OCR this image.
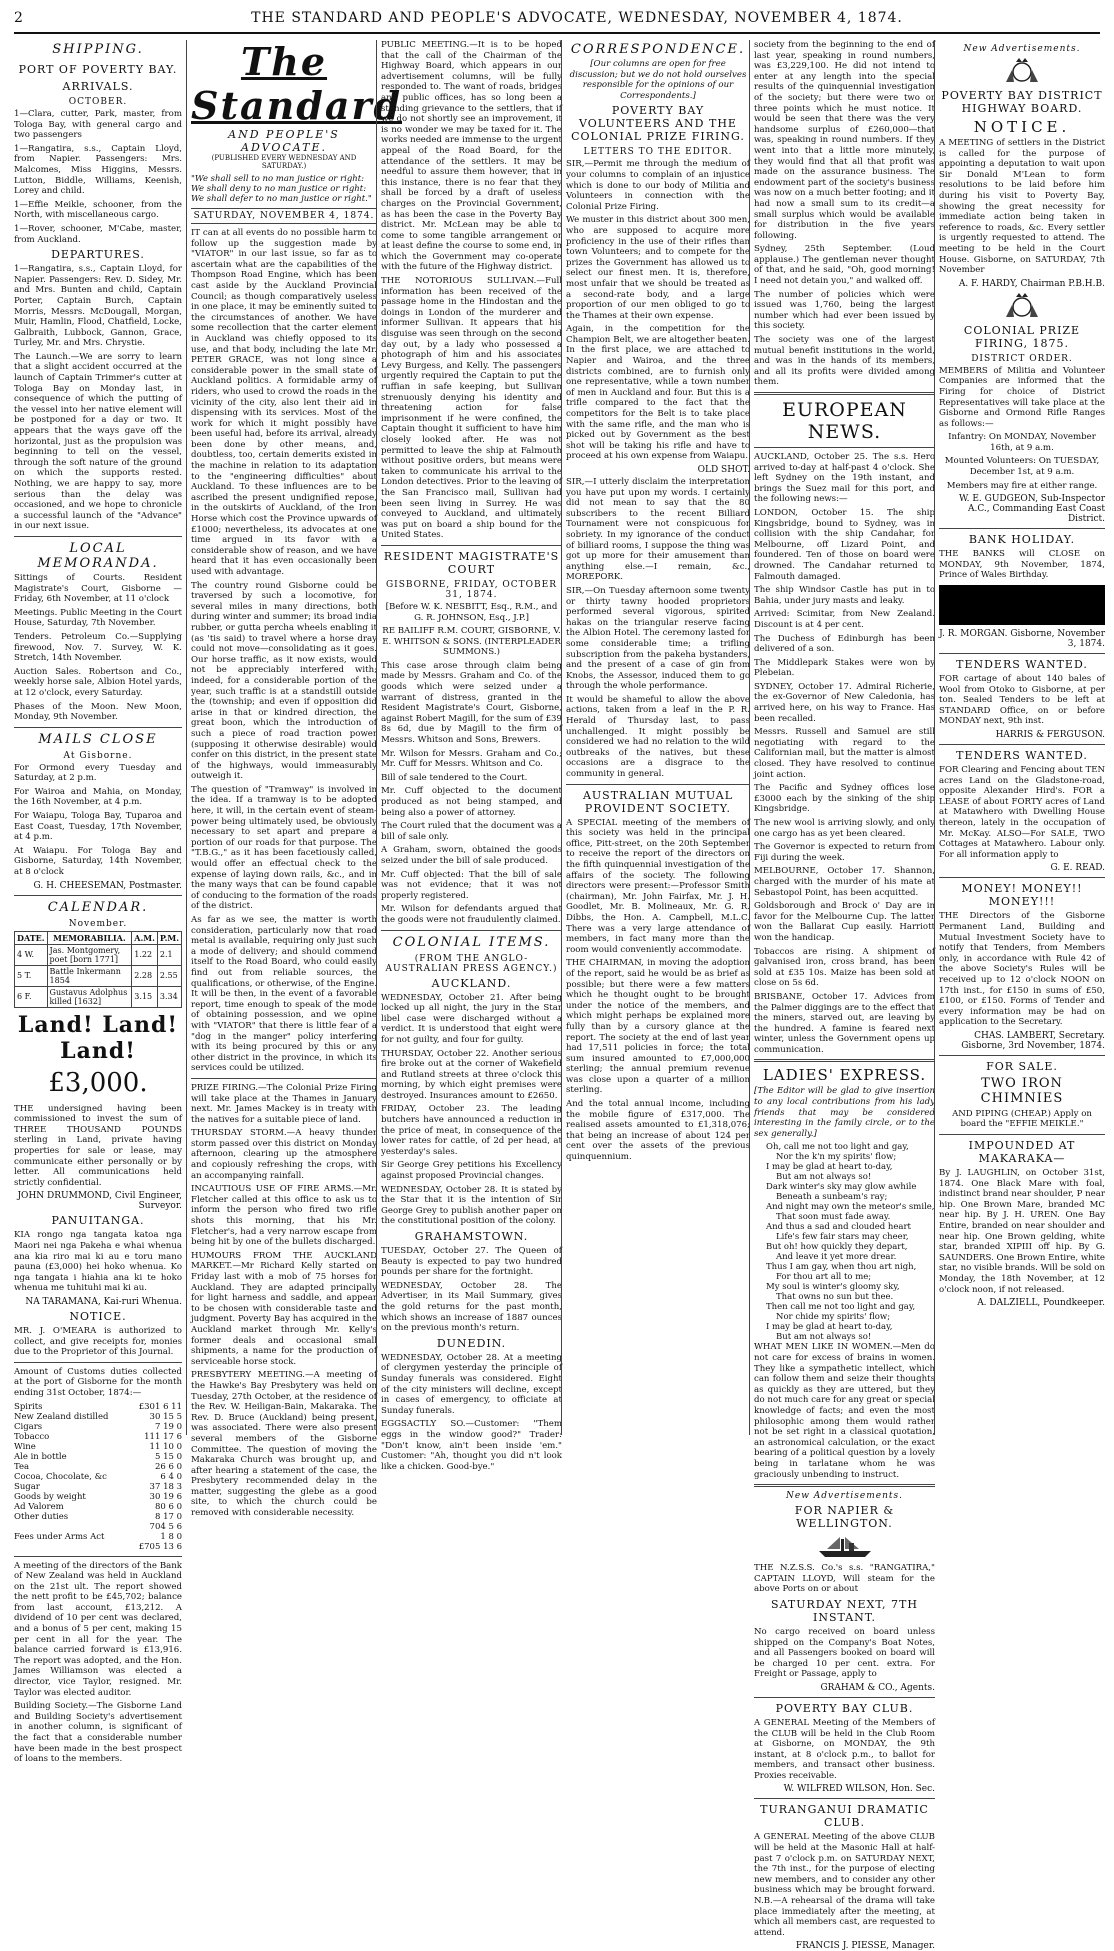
2	THE STANDARD AND PEOPLE'S ADVOCATE, WEDNESDAY, NOVEMBER 4, 1874.
SHIPPING.
PORT OF POVERTY BAY.
ARRIVALS.
OCTOBER.

1—Clara, cutter, Park, master, from Tologa Bay, with general cargo and two passengers

1—Rangatira, s.s., Captain Lloyd, from Napier. Passengers: Mrs. Malcomes, Miss Higgins, Messrs. Lutton, Biddle, Williams, Keenish, Lorey and child.

1—Effie Meikle, schooner, from the North, with miscellaneous cargo.

1—Rover, schooner, M'Cabe, master, from Auckland.

DEPARTURES.

1—Rangatira, s.s., Captain Lloyd, for Napier. Passengers: Rev. D. Sidey, Mr. and Mrs. Bunten and child, Captain Porter, Captain Burch, Captain Morris, Messrs. McDougall, Morgan, Muir, Hamlin, Flood, Chatfield, Locke, Galbraith, Lubbock, Gannon, Grace, Turley, Mr. and Mrs. Chrystie.

The Launch.—We are sorry to learn that a slight accident occurred at the launch of Captain Trimmer's cutter at Tologa Bay on Monday last, in consequence of which the putting of the vessel into her native element will be postponed for a day or two. It appears that the ways gave off the horizontal, just as the propulsion was beginning to tell on the vessel, through the soft nature of the ground on which the supports rested. Nothing, we are happy to say, more serious than the delay was occasioned, and we hope to chronicle a successful launch of the "Advance" in our next issue.

LOCAL MEMORANDA.

Sittings of Courts. Resident Magistrate's Court, Gisborne — Friday, 6th November, at 11 o'clock

Meetings. Public Meeting in the Court House, Saturday, 7th November.

Tenders. Petroleum Co.—Supplying firewood, Nov. 7. Survey, W. K. Stretch, 14th November.

Auction Sales. Robertson and Co., weekly horse sale, Albion Hotel yards, at 12 o'clock, every Saturday.

Phases of the Moon. New Moon, Monday, 9th November.

MAILS CLOSE
At Gisborne.

For Ormond every Tuesday and Saturday, at 2 p.m.

For Wairoa and Mahia, on Monday, the 16th November, at 4 p.m.

For Waiapu, Tologa Bay, Tuparoa and East Coast, Tuesday, 17th November, at 4 p.m.

At Waiapu. For Tologa Bay and Gisborne, Saturday, 14th November, at 8 o'clock

G. H. CHEESEMAN, Postmaster.
CALENDAR.
November.
DATE.	MEMORABILIA.	A.M.	P.M.
4 W.	Jas. Montgomery, poet [born 1771]	1.22	2.1
5 T.	Battle Inkermann 1854	2.28	2.55
6 F.	Gustavus Adolphus killed [1632]	3.15	3.34
Land! Land! Land!
£3,000.

THE undersigned having been commissioned to invest the sum of THREE THOUSAND POUNDS sterling in Land, private having properties for sale or lease, may communicate either personally or by letter. All communications held strictly confidential.

JOHN DRUMMOND, Civil Engineer, Surveyor.
PANUITANGA.

KIA rongo nga tangata katoa nga Maori nei nga Pakeha e whai whenua ana kia riro mai ki au e toru mano pauna (£3,000) hei hoko whenua. Ko nga tangata i hiahia ana ki te hoko whenua me tuhituhi mai ki au.

NA TARAMANA, Kai-ruri Whenua.
NOTICE.

MR. J. O'MEARA is authorized to collect, and give receipts for, monies due to the Proprietor of this Journal.

Amount of Customs duties collected at the port of Gisborne for the month ending 31st October, 1874:—

Spirits	£301 6 11
New Zealand distilled	30 15 5
Cigars	7 19 0
Tobacco	111 17 6
Wine	11 10 0
Ale in bottle	5 15 0
Tea	26 6 0
Cocoa, Chocolate, &c	6 4 0
Sugar	37 18 3
Goods by weight	30 19 6
Ad Valorem	80 6 0
Other duties	8 17 0
704 5 6
Fees under Arms Act	1 8 0
£705 13 6

A meeting of the directors of the Bank of New Zealand was held in Auckland on the 21st ult. The report showed the nett profit to be £45,702; balance from last account, £13,212. A dividend of 10 per cent was declared, and a bonus of 5 per cent, making 15 per cent in all for the year. The balance carried forward is £13,916. The report was adopted, and the Hon. James Williamson was elected a director, vice Taylor, resigned. Mr. Taylor was elected auditor.

Building Society.—The Gisborne Land and Building Society's advertisement in another column, is significant of the fact that a considerable number have been made in the best prospect of loans to the members.

The Standard
AND PEOPLE'S ADVOCATE.
(PUBLISHED EVERY WEDNESDAY AND SATURDAY.)
"We shall sell to no man justice or right: We shall deny to no man justice or right: We shall defer to no man justice or right."
SATURDAY, NOVEMBER 4, 1874.

IT can at all events do no possible harm to follow up the suggestion made by "VIATOR" in our last issue, so far as to ascertain what are the capabilities of the Thompson Road Engine, which has been cast aside by the Auckland Provincial Council; as though comparatively useless in one place, it may be eminently suited to the circumstances of another. We have some recollection that the carter element in Auckland was chiefly opposed to its use, and that body, including the late Mr. PETER GRACE, was not long since a considerable power in the small state of Auckland politics. A formidable army of riders, who used to crowd the roads in the vicinity of the city, also lent their aid in dispensing with its services. Most of the work for which it might possibly have been useful had, before its arrival, already been done by other means, and, doubtless, too, certain demerits existed in the machine in relation to its adaptation to the "engineering difficulties" about Auckland. To these influences are to be ascribed the present undignified repose, in the outskirts of Auckland, of the Iron Horse which cost the Province upwards of £1000; nevertheless, its advocates at one time argued in its favor with a considerable show of reason, and we have heard that it has even occasionally been used with advantage.

The country round Gisborne could be traversed by such a locomotive, for several miles in many directions, both during winter and summer; its broad india rubber, or gutta percha wheels enabling it (as 'tis said) to travel where a horse dray could not move—consolidating as it goes. Our horse traffic, as it now exists, would not be appreciably interfered with; indeed, for a considerable portion of the year, such traffic is at a standstill outside the (township; and even if opposition did arise in that or kindred direction, the great boon, which the introduction of such a piece of road traction power (supposing it otherwise desirable) would confer on this district, in the present state of the highways, would immeasurably outweigh it.

The question of "Tramway" is involved in the idea. If a tramway is to be adopted here, it will, in the certain event of steam-power being ultimately used, be obviously necessary to set apart and prepare a portion of our roads for that purpose. The "T.B.G.," as it has been facetiously called, would offer an effectual check to the expense of laying down rails, &c., and in the many ways that can be found capable of conducing to the formation of the roads of the district.

As far as we see, the matter is worth consideration, particularly now that road metal is available, requiring only just such a mode of delivery; and should commend itself to the Road Board, who could easily find out from reliable sources, the qualifications, or otherwise, of the Engine. It will be then, in the event of a favorable report, time enough to speak of the mode of obtaining possession, and we opine with "VIATOR" that there is little fear of a "dog in the manger" policy interfering with its being procured by this or any other district in the province, in which its services could be utilized.

PRIZE FIRING.—The Colonial Prize Firing will take place at the Thames in January next. Mr. James Mackey is in treaty with the natives for a suitable piece of land.

THURSDAY STORM.—A heavy thunder storm passed over this district on Monday afternoon, clearing up the atmosphere and copiously refreshing the crops, with an accompanying rainfall.

INCAUTIOUS USE OF FIRE ARMS.—Mr. Fletcher called at this office to ask us to inform the person who fired two rifle shots this morning, that his Mr. Fletcher's, had a very narrow escape from being hit by one of the bullets discharged.

HUMOURS FROM THE AUCKLAND MARKET.—Mr Richard Kelly started on Friday last with a mob of 75 horses for Auckland. They are adapted principally for light harness and saddle, and appear to be chosen with considerable taste and judgment. Poverty Bay has acquired in the Auckland market through Mr. Kelly's former deals and occasional small shipments, a name for the production of serviceable horse stock.

PRESBYTERY MEETING.—A meeting of the Hawke's Bay Presbytery was held on Tuesday, 27th October, at the residence of the Rev. W. Heiligan-Bain, Makaraka. The Rev. D. Bruce (Auckland) being present, was associated. There were also present several members of the Gisborne Committee. The question of moving the Makaraka Church was brought up, and after hearing a statement of the case, the Presbytery recommended delay in the matter, suggesting the glebe as a good site, to which the church could be removed with considerable necessity.

PUBLIC MEETING.—It is to be hoped that the call of the Chairman of the Highway Board, which appears in our advertisement columns, will be fully responded to. The want of roads, bridges and public offices, has so long been a standing grievance to the settlers, that if we do not shortly see an improvement, it is no wonder we may be taxed for it. The works needed are immense to the urgent appeal of the Road Board, for the attendance of the settlers. It may be needful to assure them however, that in this instance, there is no fear that they shall be forced by a draft of useless charges on the Provincial Government, as has been the case in the Poverty Bay district. Mr. McLean may be able to come to some tangible arrangement or at least define the course to some end, in which the Government may co-operate with the future of the Highway district.

THE NOTORIOUS SULLIVAN.—Full information has been received of the passage home in the Hindostan and the doings in London of the murderer and informer Sullivan. It appears that his disguise was seen through on the second day out, by a lady who possessed a photograph of him and his associates Levy Burgess, and Kelly. The passengers urgently required the Captain to put the ruffian in safe keeping, but Sullivan strenuously denying his identity and threatening action for false imprisonment if he were confined, the Captain thought it sufficient to have him closely looked after. He was not permitted to leave the ship at Falmouth without positive orders, but means were taken to communicate his arrival to the London detectives. Prior to the leaving of the San Francisco mail, Sullivan had been seen living in Surrey. He was conveyed to Auckland, and ultimately was put on board a ship bound for the United States.

RESIDENT MAGISTRATE'S COURT
GISBORNE, FRIDAY, OCTOBER 31, 1874.

[Before W. K. NESBITT, Esq., R.M., and G. R. JOHNSON, Esq., J.P.]

RE BAILIFF R.M. COURT, GISBORNE, V. E. WHITSON & SONS. (INTERPLEADER SUMMONS.)

This case arose through claim being made by Messrs. Graham and Co. of the goods which were seized under a warrant of distress, granted in the Resident Magistrate's Court, Gisborne, against Robert Magill, for the sum of £39 8s 6d, due by Magill to the firm of Messrs. Whitson and Sons, Brewers.

Mr. Wilson for Messrs. Graham and Co.; Mr. Cuff for Messrs. Whitson and Co.

Bill of sale tendered to the Court.

Mr. Cuff objected to the document produced as not being stamped, and being also a power of attorney.

The Court ruled that the document was a bill of sale only.

A Graham, sworn, obtained the goods seized under the bill of sale produced.

Mr. Cuff objected: That the bill of sale was not evidence; that it was not properly registered.

Mr. Wilson for defendants argued that the goods were not fraudulently claimed.

COLONIAL ITEMS.
(FROM THE ANGLO-AUSTRALIAN PRESS AGENCY.)
AUCKLAND.

WEDNESDAY, October 21. After being locked up all night, the jury in the Star libel case were discharged without a verdict. It is understood that eight were for not guilty, and four for guilty.

THURSDAY, October 22. Another serious fire broke out at the corner of Wakefield and Rutland streets at three o'clock this morning, by which eight premises were destroyed. Insurances amount to £2650.

FRIDAY, October 23. The leading butchers have announced a reduction in the price of meat, in consequence of the lower rates for cattle, of 2d per head, at yesterday's sales.

Sir George Grey petitions his Excellency against proposed Provincial changes.

WEDNESDAY, October 28. It is stated by the Star that it is the intention of Sir George Grey to publish another paper on the constitutional position of the colony.

GRAHAMSTOWN.

TUESDAY, October 27. The Queen of Beauty is expected to pay two hundred pounds per share for the fortnight.

WEDNESDAY, October 28. The Advertiser, in its Mail Summary, gives the gold returns for the past month, which shows an increase of 1887 ounces on the previous month's return.

DUNEDIN.

WEDNESDAY, October 28. At a meeting of clergymen yesterday the principle of Sunday funerals was considered. Eight of the city ministers will decline, except in cases of emergency, to officiate at Sunday funerals.

EGGSACTLY SO.—Customer: "Them eggs in the window good?" Trader: "Don't know, ain't been inside 'em." Customer: "Ah, thought you did n't look like a chicken. Good-bye."

CORRESPONDENCE.

[Our columns are open for free discussion; but we do not hold ourselves responsible for the opinions of our Correspondents.]

POVERTY BAY VOLUNTEERS AND THE COLONIAL PRIZE FIRING.
LETTERS TO THE EDITOR.

SIR,—Permit me through the medium of your columns to complain of an injustice which is done to our body of Militia and Volunteers in connection with the Colonial Prize Firing.

We muster in this district about 300 men, who are supposed to acquire more proficiency in the use of their rifles than town Volunteers; and to compete for the prizes the Government has allowed us to select our finest men. It is, therefore, most unfair that we should be treated as a second-rate body, and a large proportion of our men obliged to go to the Thames at their own expense.

Again, in the competition for the Champion Belt, we are altogether beaten. In the first place, we are attached to Napier and Wairoa, and the three districts combined, are to furnish only one representative, while a town number of men in Auckland and four. But this is a trifle compared to the fact that the competitors for the Belt is to take place with the same rifle, and the man who is picked out by Government as the best shot will be taking his rifle and have to proceed at his own expense from Waiapu.

OLD SHOT.

SIR,—I utterly disclaim the interpretation you have put upon my words. I certainly did not mean to say that the 80 subscribers to the recent Billiard Tournament were not conspicuous for sobriety. In my ignorance of the conduct of billiard rooms, I suppose the thing was got up more for their amusement than anything else.—I remain, &c., MOREPORK.

SIR,—On Tuesday afternoon some twenty or thirty tawny hooded proprietors performed several vigorous, spirited hakas on the triangular reserve facing the Albion Hotel. The ceremony lasted for some considerable time; a trifling subscription from the pakeha bystanders, and the present of a case of gin from Knobs, the Assessor, induced them to go through the whole performance.

It would be shameful to allow the above actions, taken from a leaf in the P. R. Herald of Thursday last, to pass unchallenged. It might possibly be considered we had no relation to the wild outbreaks of the natives, but these occasions are a disgrace to the community in general.

AUSTRALIAN MUTUAL PROVIDENT SOCIETY.

A SPECIAL meeting of the members of this society was held in the principal office, Pitt-street, on the 20th September to receive the report of the directors on the fifth quinquennial investigation of the affairs of the society. The following directors were present:—Professor Smith (chairman), Mr. John Fairfax, Mr. J. H. Goodlet, Mr. B. Molineaux, Mr. G. R. Dibbs, the Hon. A. Campbell, M.L.C. There was a very large attendance of members, in fact many more than the room would conveniently accommodate.

THE CHAIRMAN, in moving the adoption of the report, said he would be as brief as possible; but there were a few matters which he thought ought to be brought under the notice of the members, and which might perhaps be explained more fully than by a cursory glance at the report. The society at the end of last year had 17,511 policies in force; the total sum insured amounted to £7,000,000 sterling; the annual premium revenue was close upon a quarter of a million sterling.

And the total annual income, including the mobile figure of £317,000. The realised assets amounted to £1,318,076; that being an increase of about 124 per cent over the assets of the previous quinquennium.

society from the beginning to the end of last year, speaking in round numbers, was £3,229,100. He did not intend to enter at any length into the special results of the quinquennial investigation of the society; but there were two or three points which he must notice. It would be seen that there was the very handsome surplus of £260,000—that was, speaking in round numbers. If they went into that a little more minutely, they would find that all that profit was made on the assurance business. The endowment part of the society's business was now on a much better footing; and it had now a small sum to its credit—a small surplus which would be available for distribution in the five years following.

Sydney, 25th September. (Loud applause.) The gentleman never thought of that, and he said, "Oh, good morning! I need not detain you," and walked off.

The number of policies which were issued was 1,760, being the largest number which had ever been issued by this society.

The society was one of the largest mutual benefit institutions in the world, and was in the hands of its members, and all its profits were divided among them.

EUROPEAN NEWS.

AUCKLAND, October 25. The s.s. Hero arrived to-day at half-past 4 o'clock. She left Sydney on the 19th instant, and brings the Suez mail for this port, and the following news:—

LONDON, October 15. The ship Kingsbridge, bound to Sydney, was in collision with the ship Candahar, for Melbourne, off Lizard Point, and foundered. Ten of those on board were drowned. The Candahar returned to Falmouth damaged.

The ship Windsor Castle has put in to Bahia, under jury masts and leaky.

Arrived: Scimitar, from New Zealand. Discount is at 4 per cent.

The Duchess of Edinburgh has been delivered of a son.

The Middlepark Stakes were won by Plebeian.

SYDNEY, October 17. Admiral Richerie, the ex-Governor of New Caledonia, has arrived here, on his way to France. Has been recalled.

Messrs. Russell and Samuel are still negotiating with regard to the Californian mail, but the matter is almost closed. They have resolved to continue joint action.

The Pacific and Sydney offices lose £3000 each by the sinking of the ship Kingsbridge.

The new wool is arriving slowly, and only one cargo has as yet been cleared.

The Governor is expected to return from Fiji during the week.

MELBOURNE, October 17. Shannon, charged with the murder of his mate at Sebastopol Point, has been acquitted.

Goldsborough and Brock o' Day are in favor for the Melbourne Cup. The latter won the Ballarat Cup easily. Harriott won the handicap.

Tobaccos are rising. A shipment of galvanised iron, cross brand, has been sold at £35 10s. Maize has been sold at close on 5s 6d.

BRISBANE, October 17. Advices from the Palmer diggings are to the effect that the miners, starved out, are leaving by the hundred. A famine is feared next winter, unless the Government opens up communication.

LADIES' EXPRESS.

[The Editor will be glad to give insertion to any local contributions from his lady friends that may be considered interesting in the family circle, or to the sex generally.]

Oh, call me not too light and gay,
Nor the k'n my spirits' flow;
I may be glad at heart to-day,
But am not always so!
Dark winter's sky may glow awhile
Beneath a sunbeam's ray;
And night may own the meteor's smile,
That soon must fade away.
And thus a sad and clouded heart
Life's few fair stars may cheer,
But oh! how quickly they depart,
And leave it yet more drear.
Thus I am gay, when thou art nigh,
For thou art all to me;
My soul is winter's gloomy sky,
That owns no sun but thee.
Then call me not too light and gay,
Nor chide my spirits' flow;
I may be glad at heart to-day,
But am not always so!

WHAT MEN LIKE IN WOMEN.—Men do not care for excess of brains in women. They like a sympathetic intellect, which can follow them and seize their thoughts as quickly as they are uttered, but they do not much care for any great or special knowledge of facts; and even the most philosophic among them would rather not be set right in a classical quotation, an astronomical calculation, or the exact bearing of a political question by a lovely being in tarlatane whom he was graciously unbending to instruct.

New Advertisements.
FOR NAPIER & WELLINGTON.

THE N.Z.S.S. Co.'s s.s. "RANGATIRA," CAPTAIN LLOYD, Will steam for the above Ports on or about

SATURDAY NEXT, 7TH INSTANT.

No cargo received on board unless shipped on the Company's Boat Notes, and all Passengers booked on board will be charged 10 per cent. extra. For Freight or Passage, apply to

GRAHAM & CO., Agents.
POVERTY BAY CLUB.

A GENERAL Meeting of the Members of the CLUB will be held in the Club Room at Gisborne, on MONDAY, the 9th instant, at 8 o'clock p.m., to ballot for members, and transact other business. Proxies receivable.

W. WILFRED WILSON, Hon. Sec.
TURANGANUI DRAMATIC CLUB.

A GENERAL Meeting of the above CLUB will be held at the Masonic Hall at half-past 7 o'clock p.m. on SATURDAY NEXT, the 7th inst., for the purpose of electing new members, and to consider any other business which may be brought forward. N.B.—A rehearsal of the drama will take place immediately after the meeting, at which all members cast, are requested to attend.

FRANCIS J. PIESSE, Manager.
New Advertisements.
POVERTY BAY DISTRICT HIGHWAY BOARD.
NOTICE.

A MEETING of settlers in the District is called for the purpose of appointing a deputation to wait upon Sir Donald M'Lean to form resolutions to be laid before him during his visit to Poverty Bay, showing the great necessity for immediate action being taken in reference to roads, &c. Every settler is urgently requested to attend. The meeting to be held in the Court House. Gisborne, on SATURDAY, 7th November

A. F. HARDY, Chairman P.B.H.B.
COLONIAL PRIZE FIRING, 1875.
DISTRICT ORDER.

MEMBERS of Militia and Volunteer Companies are informed that the Firing for choice of District Representatives will take place at the Gisborne and Ormond Rifle Ranges as follows:—

Infantry: On MONDAY, November 16th, at 9 a.m.

Mounted Volunteers: On TUESDAY, December 1st, at 9 a.m.

Members may fire at either range.

W. E. GUDGEON, Sub-Inspector A.C., Commanding East Coast District.
BANK HOLIDAY.

THE BANKS will CLOSE on MONDAY, 9th November, 1874, Prince of Wales Birthday.

J. R. MORGAN. Gisborne, November 3, 1874.
TENDERS WANTED.

FOR cartage of about 140 bales of Wool from Otoko to Gisborne, at per ton. Sealed Tenders to be left at STANDARD Office, on or before MONDAY next, 9th inst.

HARRIS & FERGUSON.
TENDERS WANTED.

FOR Clearing and Fencing about TEN acres Land on the Gladstone-road, opposite Alexander Hird's. FOR a LEASE of about FORTY acres of Land at Matawhero with Dwelling House thereon, lately in the occupation of Mr. McKay. ALSO—For SALE, TWO Cottages at Matawhero. Labour only. For all information apply to

G. E. READ.
MONEY! MONEY!! MONEY!!!

THE Directors of the Gisborne Permanent Land, Building and Mutual Investment Society have to notify that Tenders, from Members only, in accordance with Rule 42 of the above Society's Rules will be received up to 12 o'clock NOON on 17th inst., for £150 in sums of £50, £100, or £150. Forms of Tender and every information may be had on application to the Secretary.

CHAS. LAMBERT, Secretary. Gisborne, 3rd November, 1874.
FOR SALE.
TWO IRON CHIMNIES

AND PIPING (CHEAP.) Apply on board the "EFFIE MEIKLE."

IMPOUNDED AT MAKARAKA—

By J. LAUGHLIN, on October 31st, 1874. One Black Mare with foal, indistinct brand near shoulder, P near hip. One Brown Mare, branded MC near hip. By J. H. UREN. One Bay Entire, branded on near shoulder and near hip. One Brown gelding, white star, branded XIPIII off hip. By G. SAUNDERS. One Brown Entire, white star, no visible brands. Will be sold on Monday, the 18th November, at 12 o'clock noon, if not released.

A. DALZIELL, Poundkeeper.
